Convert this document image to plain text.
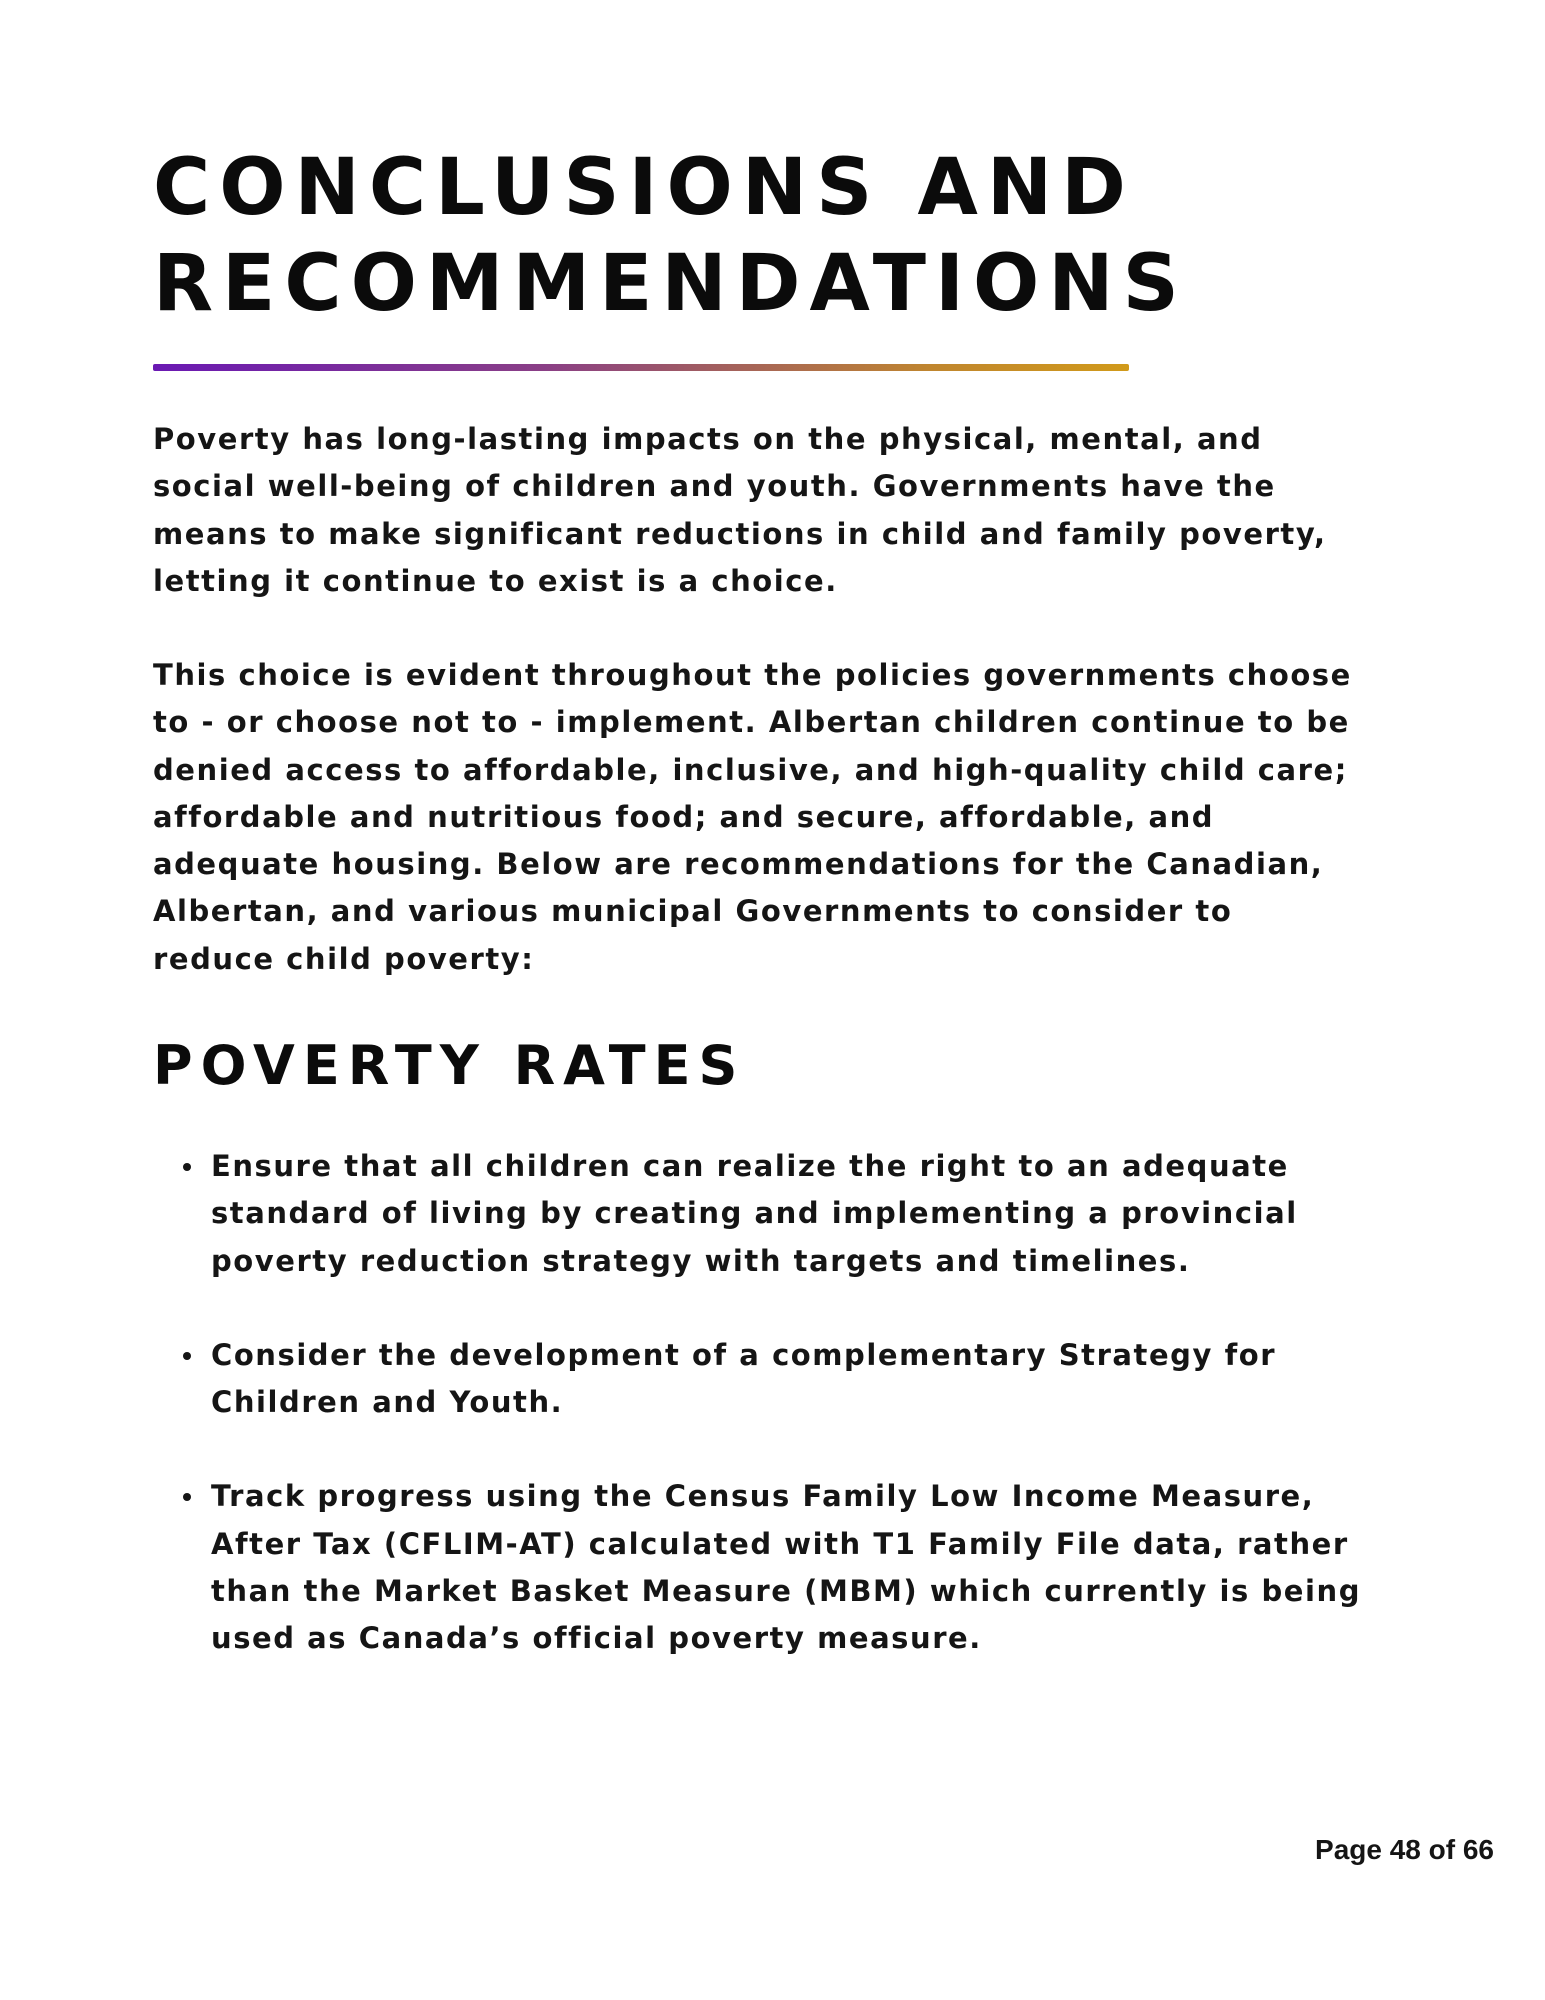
CONCLUSIONS AND
RECOMMENDATIONS

Poverty has long-lasting impacts on the physical, mental, and
social well-being of children and youth. Governments have the
means to make significant reductions in child and family poverty,
letting it continue to exist is a choice.

This choice is evident throughout the policies governments choose
to - or choose not to - implement. Albertan children continue to be
denied access to affordable, inclusive, and high-quality child care;
affordable and nutritious food; and secure, affordable, and
adequate housing. Below are recommendations for the Canadian,
Albertan, and various municipal Governments to consider to
reduce child poverty:

POVERTY RATES
Ensure that all children can realize the right to an adequate
standard of living by creating and implementing a provincial
poverty reduction strategy with targets and timelines.
Consider the development of a complementary Strategy for
Children and Youth.
Track progress using the Census Family Low Income Measure,
After Tax (CFLIM-AT) calculated with T1 Family File data, rather
than the Market Basket Measure (MBM) which currently is being
used as Canada’s official poverty measure.
Page 48 of 66
